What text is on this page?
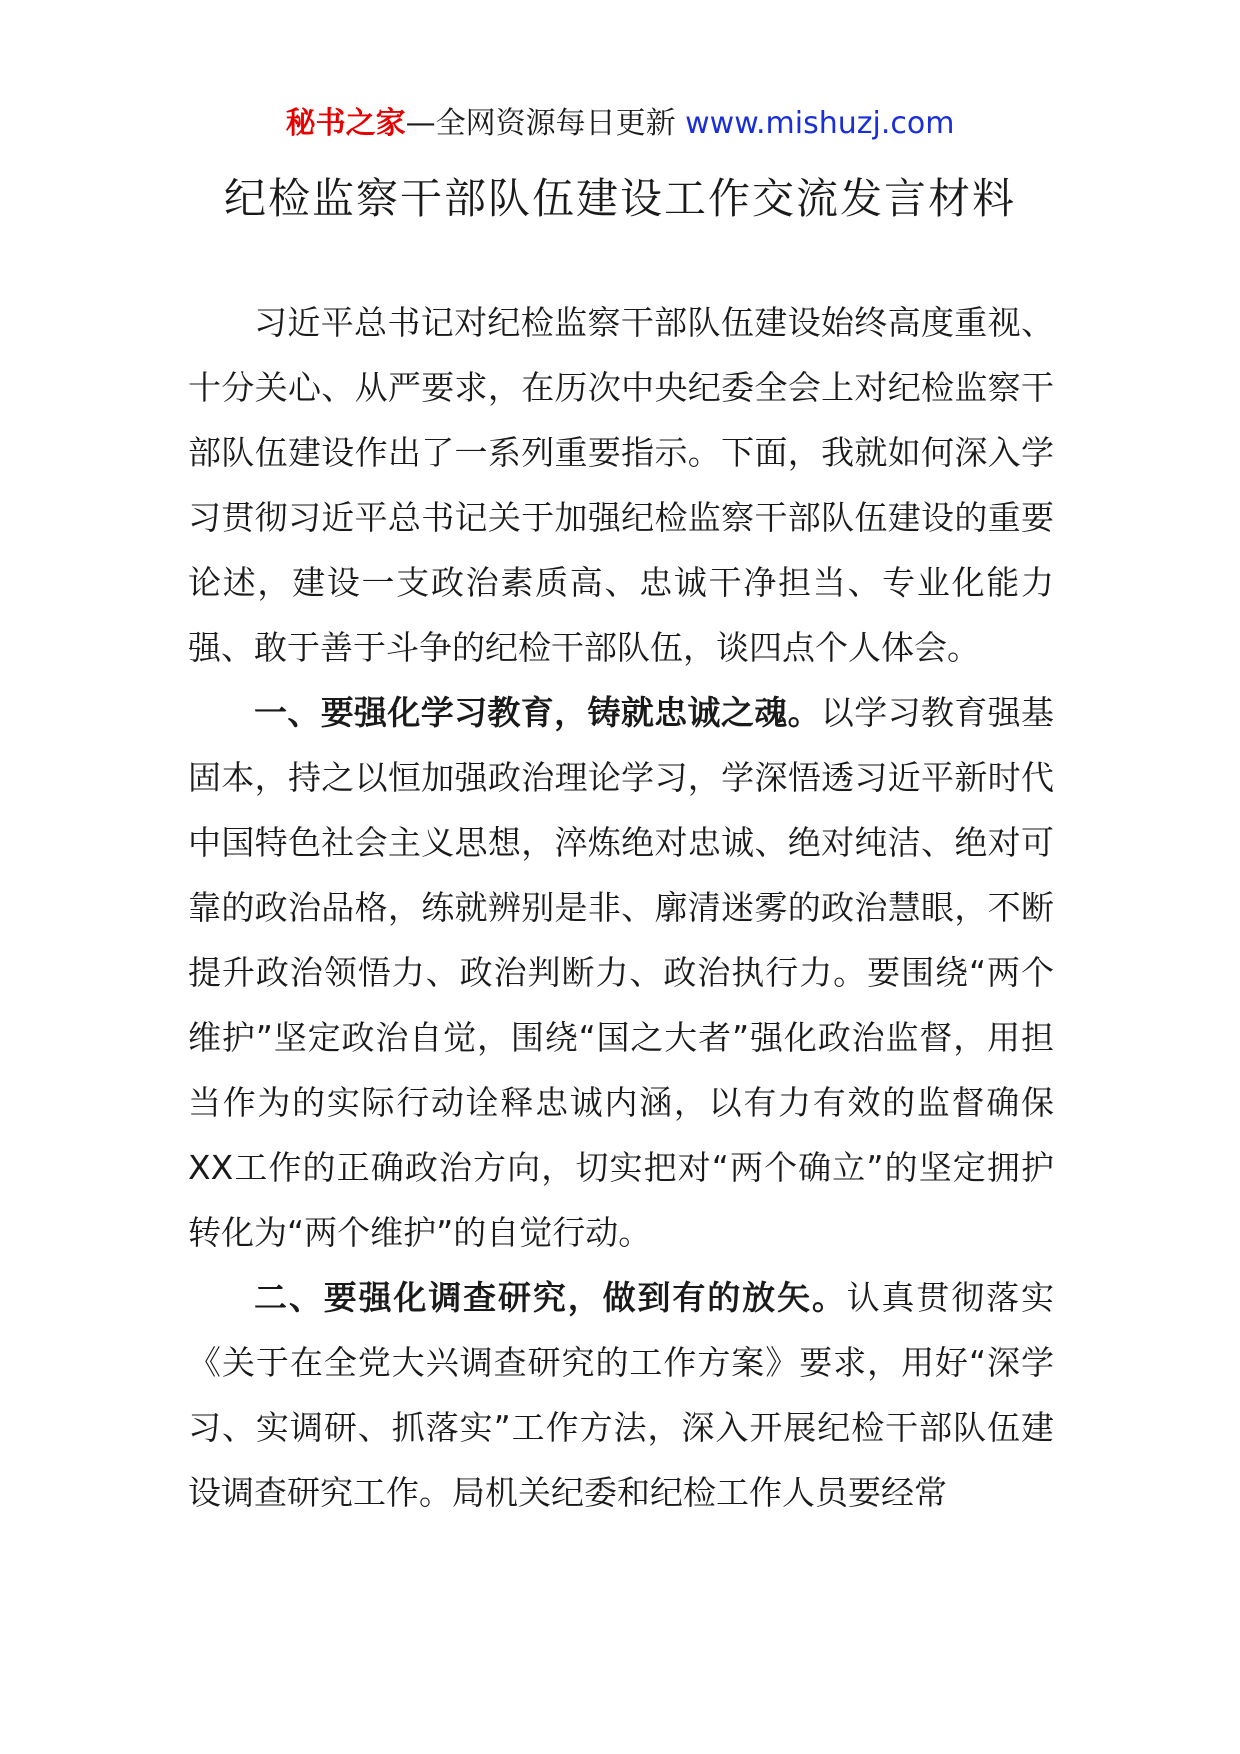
秘书之家—全网资源每日更新 www.mishuzj.com
纪检监察干部队伍建设工作交流发言材料

习近平总书记对纪检监察干部队伍建设始终高度重视、十分关心、从严要求，在历次中央纪委全会上对纪检监察干部队伍建设作出了一系列重要指示。下面，我就如何深入学习贯彻习近平总书记关于加强纪检监察干部队伍建设的重要论述，建设一支政治素质高、忠诚干净担当、专业化能力强、敢于善于斗争的纪检干部队伍，谈四点个人体会。

一、要强化学习教育，铸就忠诚之魂。以学习教育强基固本，持之以恒加强政治理论学习，学深悟透习近平新时代中国特色社会主义思想，淬炼绝对忠诚、绝对纯洁、绝对可靠的政治品格，练就辨别是非、廓清迷雾的政治慧眼，不断提升政治领悟力、政治判断力、政治执行力。要围绕“两个维护”坚定政治自觉，围绕“国之大者”强化政治监督，用担当作为的实际行动诠释忠诚内涵，以有力有效的监督确保XX工作的正确政治方向，切实把对“两个确立”的坚定拥护转化为“两个维护”的自觉行动。

二、要强化调查研究，做到有的放矢。认真贯彻落实《关于在全党大兴调查研究的工作方案》要求，用好“深学习、实调研、抓落实”工作方法，深入开展纪检干部队伍建设调查研究工作。局机关纪委和纪检工作人员要经常
